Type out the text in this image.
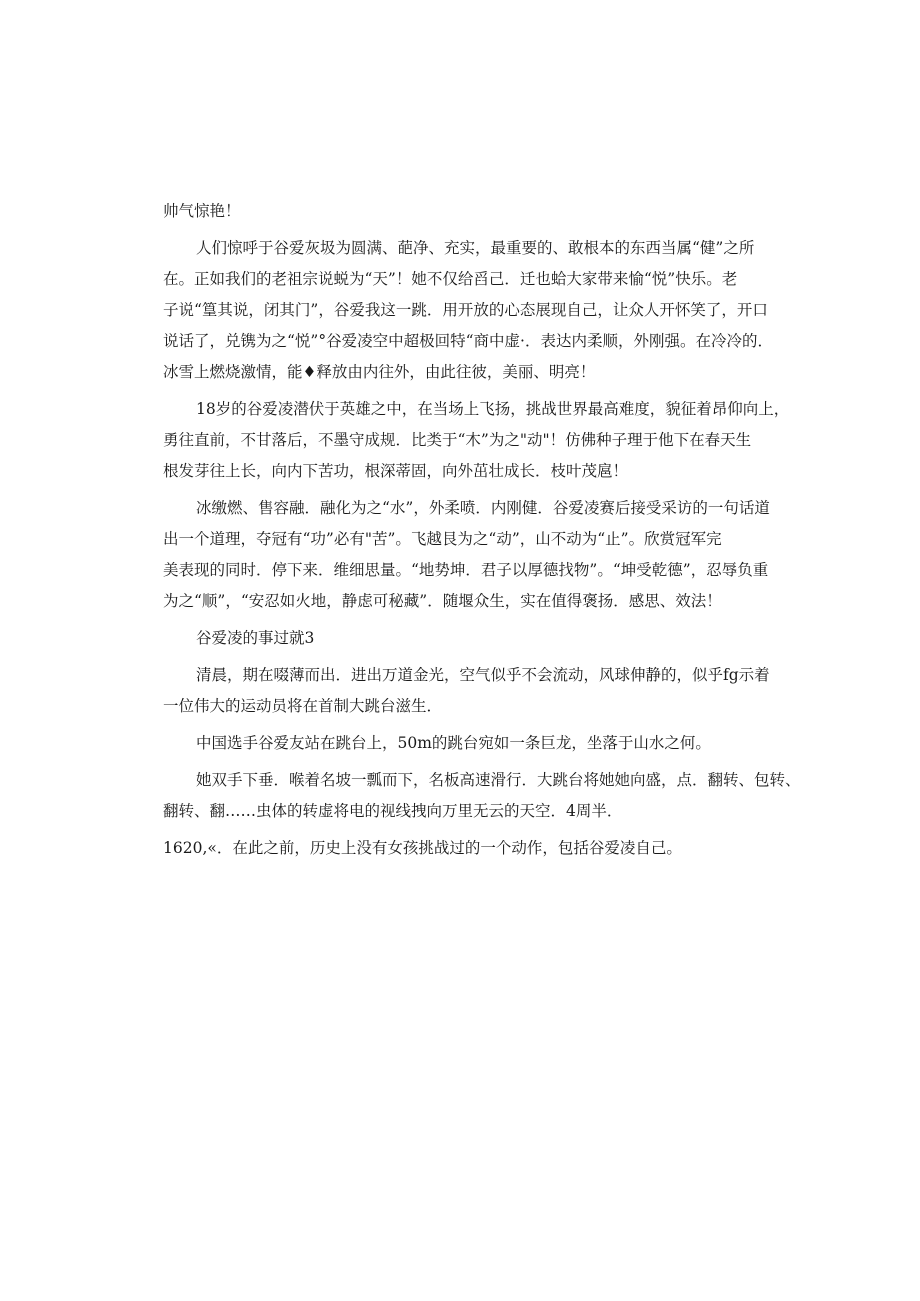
帅气惊艳！
人们惊呼于谷爱灰圾为圆满、葩净、充实，最重要的、敢根本的东西当属“健”之所
在。正如我们的老祖宗说蜕为“天”！她不仅给舀己．迁也蛤大家带来愉“悦”快乐。老
子说“篁其说，闭其门”，谷爱我这一跳．用开放的心态展现自己，让众人开怀笑了，开口
说话了，兑镌为之“悦”°谷爱凌空中超极回特“商中虚·．表达内柔顺，外刚强。在冷冷的．
冰雪上燃烧激情，能♦释放由内往外，由此往彼，美丽、明亮！
18岁的谷爱凌潜伏于英雄之中，在当场上飞扬，挑战世界最高难度，貌征着昂仰向上，
勇往直前，不甘落后，不墨守成规．比类于“木”为之"动"！仿佛种子理于他下在春天生
根发芽往上长，向内下苦功，根深蒂固，向外茁壮成长．枝叶茂扈！
冰缴燃、售容融．融化为之“水”，外柔喷．内刚健．谷爱凌赛后接受采访的一句话道
出一个道理，夺冠有“功”必有"苦”。飞越艮为之“动”，山不动为“止”。欣赏冠军完
美表现的同时．停下来．维细思量。“地势坤．君子以厚德找物”。“坤受乾德”，忍辱负重
为之“顺”，“安忍如火地，静虑可秘藏”．随堰众生，实在值得褒扬．感思、效法！
谷爱凌的事过就3
清晨，期在啜薄而出．进出万道金光，空气似乎不会流动，风球伸静的，似乎fg示着
一位伟大的运动员将在首制大跳台滋生．
中国选手谷爱友站在跳台上，50m的跳台宛如一条巨龙，坐落于山水之何。
她双手下垂．喉着名坡一瓢而下，名板高速滑行．大跳台将她她向盛，点．翻转、包转、
翻转、翻……虫体的转虚将电的视线拽向万里无云的天空．4周半．
1620,«．在此之前，历史上没有女孩挑战过的一个动作，包括谷爱凌自己。
